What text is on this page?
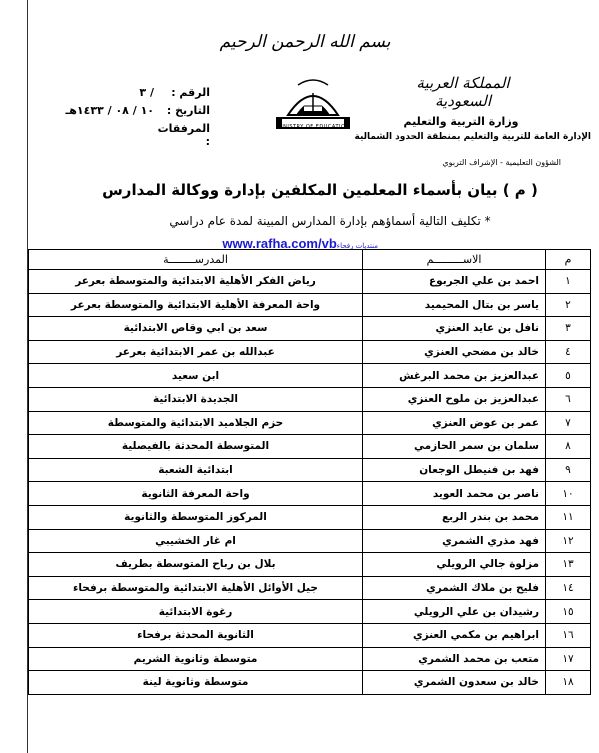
بسم الله الرحمن الرحيم
المملكة العربية السعودية
وزارة التربية والتعليم
الإدارة العامة للتربية والتعليم بمنطقة الحدود الشمالية
الشؤون التعليمية - الإشراف التربوي
MINISTRY OF EDUCATION
الرقم :/ ٣
التاريخ :١٠ / ٠٨ / ١٤٣٣هـ
المرفقات :
( م ) بيان بأسماء المعلمين المكلفين بإدارة ووكالة المدارس
* تكليف التالية أسماؤهم بإدارة المدارس المبينة لمدة عام دراسي
www.rafha.com/vbمنتديات رفحاء
م	الاســـــــــم	المدرســــــــة
١	احمد بن علي الجربوع	رياض الفكر الأهلية الابتدائية والمتوسطة بعرعر
٢	ياسر بن بتال المحيميد	واحة المعرفة الأهلية الابتدائية والمتوسطة بعرعر
٣	نافل بن عايد العنزي	سعد بن ابي وقاص الابتدائية
٤	خالد بن مضحي العنزي	عبدالله بن عمر الابتدائية بعرعر
٥	عبدالعزيز بن محمد البرغش	ابن سعيد
٦	عبدالعزيز بن ملوح العنزي	الجديدة الابتدائية
٧	عمر بن عوض العنزي	حزم الجلاميد الابتدائية والمتوسطة
٨	سلمان بن سمر الحازمي	المتوسطة المحدثة بالفيصلية
٩	فهد بن فنيطل الوجعان	ابتدائية الشعبة
١٠	ناصر بن محمد العويد	واحة المعرفة الثانوية
١١	محمد بن بندر الربع	المركوز المتوسطة والثانوية
١٢	فهد مذري الشمري	ام غار الخشيبي
١٣	مزلوة جالي الرويلي	بلال بن رباح المتوسطة بطريف
١٤	فليح بن ملاك الشمري	جيل الأوائل الأهلية الابتدائية والمتوسطة برفحاء
١٥	رشيدان بن علي الرويلي	رغوة الابتدائية
١٦	ابراهيم بن مكمي العنزي	الثانوية المحدثة برفحاء
١٧	متعب بن محمد الشمري	متوسطة وثانوية الشريم
١٨	خالد بن سعدون الشمري	متوسطة وثانوية لينة
